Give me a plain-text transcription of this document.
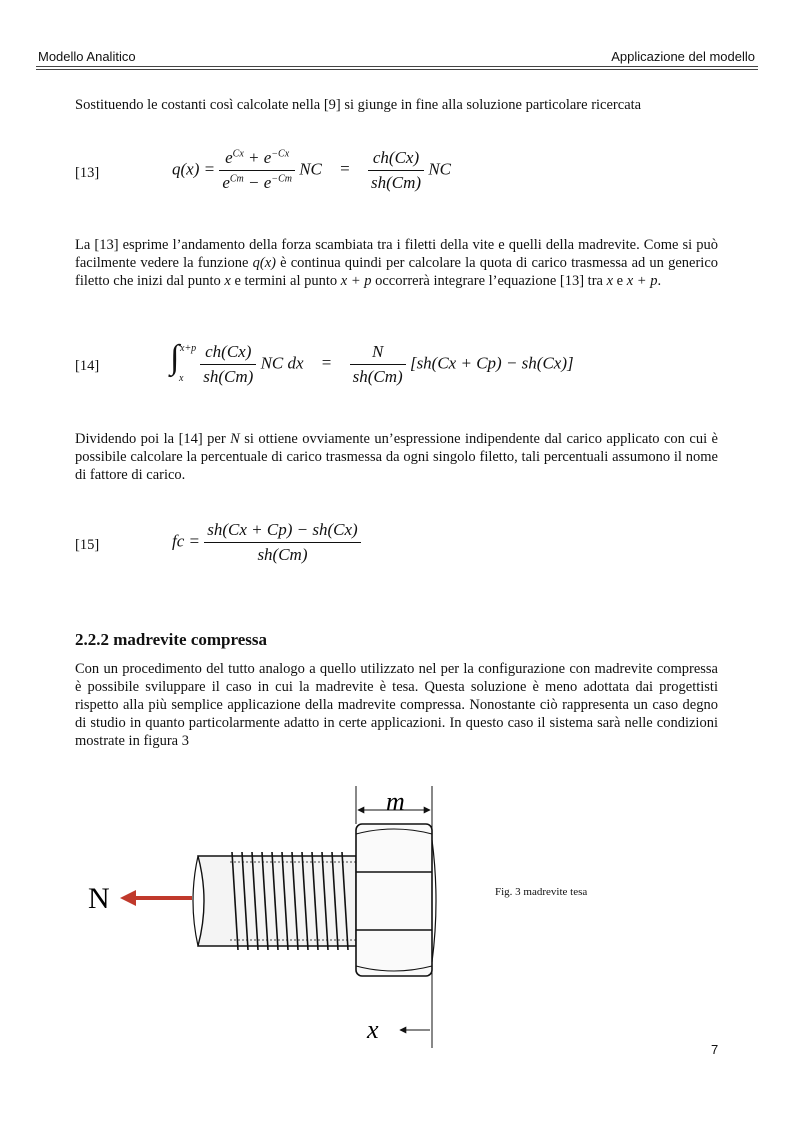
Modello Analitico	Applicazione del modello
Sostituendo le costanti così calcolate nella [9] si giunge in fine alla soluzione particolare ricercata
[13]	$q(x) = \frac{e^{Cx} + e^{-Cx}}{e^{Cm} - e^{-Cm}}$ NC = $\frac{ch(Cx)}{sh(Cm)}$ NC
La [13] esprime l’andamento della forza scambiata tra i filetti della vite e quelli della madrevite. Come si può facilmente vedere la funzione q(x) è continua quindi per calcolare la quota di carico trasmessa ad un generico filetto che inizi dal punto x e termini al punto x + p occorrerà integrare l’equazione [13] tra x e x + p.
[14] ∫ x+p
x
$\frac{ch(Cx)}{sh(Cm)}$ NC dx = $\frac{N}{sh(Cm)} [sh(Cx + Cp) - sh(Cx)]$
Dividendo poi la [14] per N si ottiene ovviamente un’espressione indipendente dal carico applicato con cui è possibile calcolare la percentuale di carico trasmessa da ogni singolo filetto, tali percentuali assumono il nome di fattore di carico.
[15]	fc = $\frac{sh(Cx + Cp) - sh(Cx)}{sh(Cm)}$
2.2.2 madrevite compressa
Con un procedimento del tutto analogo a quello utilizzato nel per la configurazione con madrevite compressa è possibile sviluppare il caso in cui la madrevite è tesa. Questa soluzione è meno adottata dai progettisti rispetto alla più semplice applicazione della madrevite compressa. Nonostante ciò rappresenta un caso degno di studio in quanto particolarmente adatto in certe applicazioni. In questo caso il sistema sarà nelle condizioni mostrate in figura 3
m
x
N	Fig. 3 madrevite tesa
7
